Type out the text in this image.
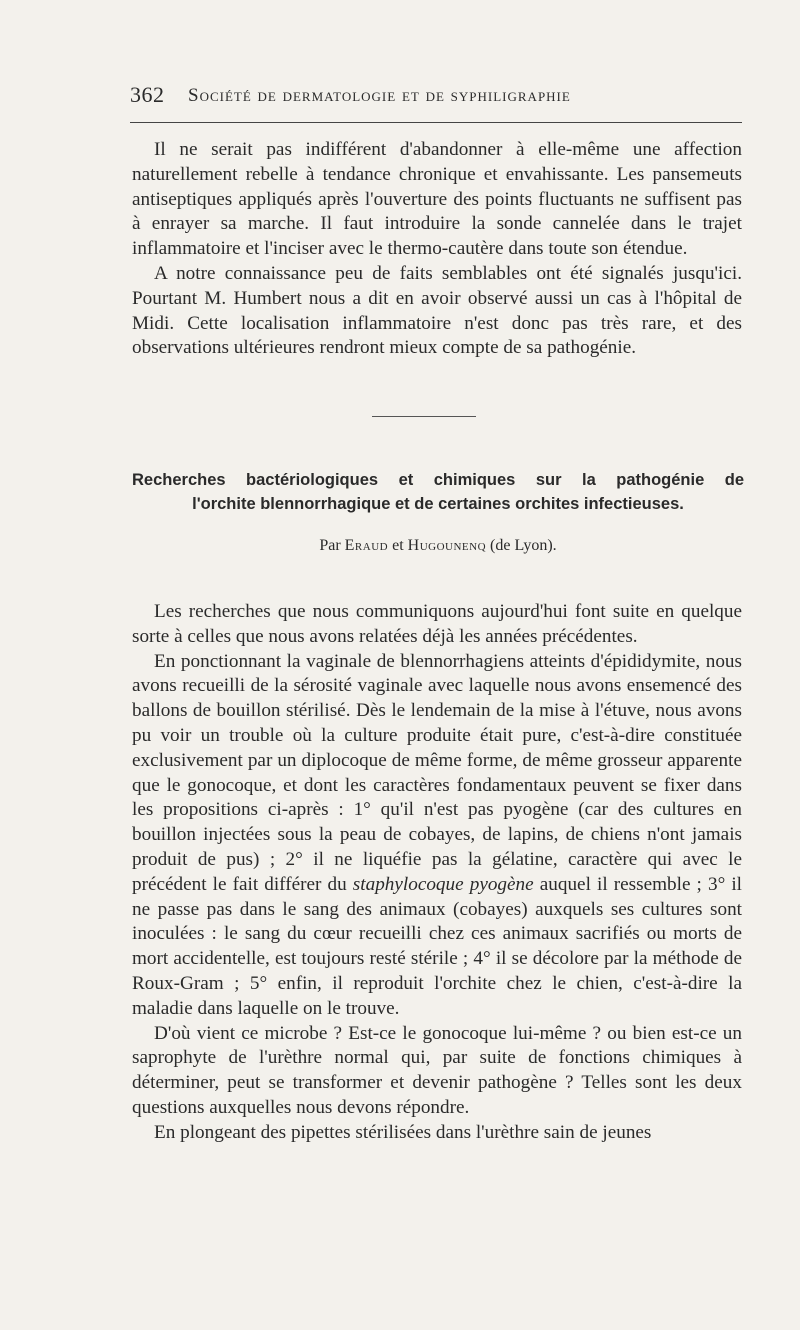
362 Société de dermatologie et de syphiligraphie

Il ne serait pas indifférent d'abandonner à elle-même une affection naturellement rebelle à tendance chronique et envahissante. Les pansemeuts antiseptiques appliqués après l'ouverture des points fluctuants ne suffisent pas à enrayer sa marche. Il faut introduire la sonde cannelée dans le trajet inflammatoire et l'inciser avec le thermo-cautère dans toute son étendue.

A notre connaissance peu de faits semblables ont été signalés jusqu'ici. Pourtant M. Humbert nous a dit en avoir observé aussi un cas à l'hôpital de Midi. Cette localisation inflammatoire n'est donc pas très rare, et des observations ultérieures rendront mieux compte de sa pathogénie.

Recherches bactériologiques et chimiques sur la pathogénie de
l'orchite blennorrhagique et de certaines orchites infectieuses.
Par Eraud et Hugounenq (de Lyon).

Les recherches que nous communiquons aujourd'hui font suite en quelque sorte à celles que nous avons relatées déjà les années précédentes.

En ponctionnant la vaginale de blennorrhagiens atteints d'épididymite, nous avons recueilli de la sérosité vaginale avec laquelle nous avons ensemencé des ballons de bouillon stérilisé. Dès le lendemain de la mise à l'étuve, nous avons pu voir un trouble où la culture produite était pure, c'est-à-dire constituée exclusivement par un diplocoque de même forme, de même grosseur apparente que le gonocoque, et dont les caractères fondamentaux peuvent se fixer dans les propositions ci-après : 1° qu'il n'est pas pyogène (car des cultures en bouillon injectées sous la peau de cobayes, de lapins, de chiens n'ont jamais produit de pus) ; 2° il ne liquéfie pas la gélatine, caractère qui avec le précédent le fait différer du staphylocoque pyogène auquel il ressemble ; 3° il ne passe pas dans le sang des animaux (cobayes) auxquels ses cultures sont inoculées : le sang du cœur recueilli chez ces animaux sacrifiés ou morts de mort accidentelle, est toujours resté stérile ; 4° il se décolore par la méthode de Roux-Gram ; 5° enfin, il reproduit l'orchite chez le chien, c'est-à-dire la maladie dans laquelle on le trouve.

D'où vient ce microbe ? Est-ce le gonocoque lui-même ? ou bien est-ce un saprophyte de l'urèthre normal qui, par suite de fonctions chimiques à déterminer, peut se transformer et devenir pathogène ? Telles sont les deux questions auxquelles nous devons répondre.

En plongeant des pipettes stérilisées dans l'urèthre sain de jeunes
